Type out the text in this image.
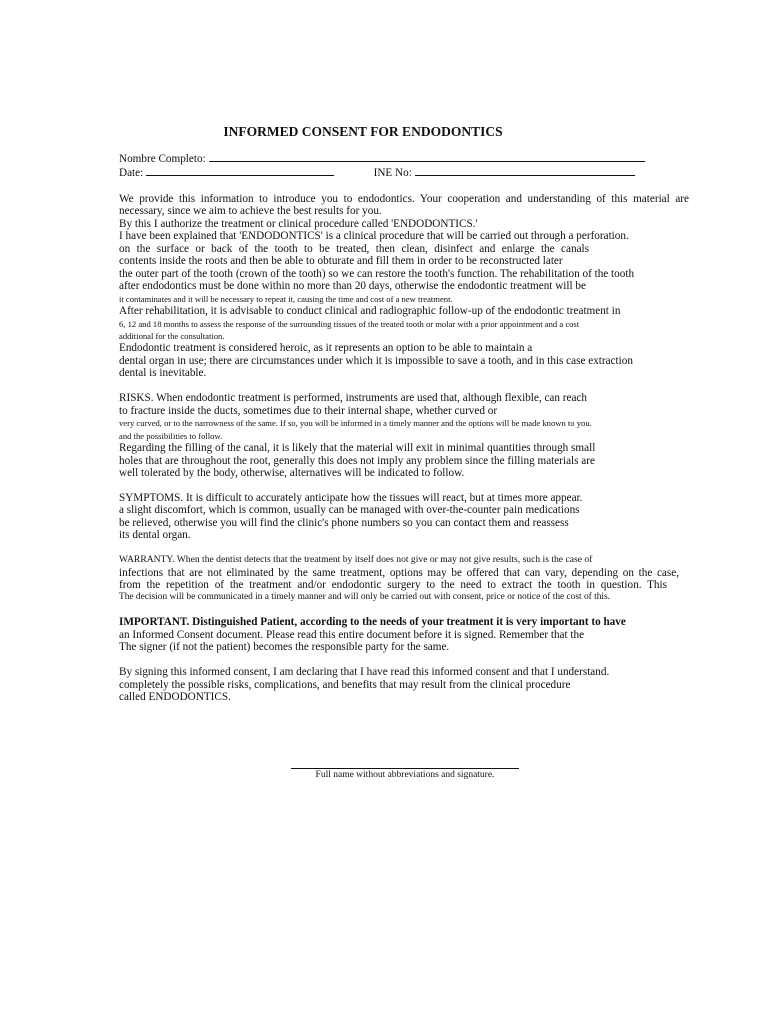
INFORMED CONSENT FOR ENDODONTICS
Nombre Completo:
Date:	INE No:
We provide this information to introduce you to endodontics. Your cooperation and understanding of this material are
necessary, since we aim to achieve the best results for you.
By this I authorize the treatment or clinical procedure called 'ENDODONTICS.'
I have been explained that 'ENDODONTICS' is a clinical procedure that will be carried out through a perforation.
on the surface or back of the tooth to be treated, then clean, disinfect and enlarge the canals
contents inside the roots and then be able to obturate and fill them in order to be reconstructed later
the outer part of the tooth (crown of the tooth) so we can restore the tooth's function. The rehabilitation of the tooth
after endodontics must be done within no more than 20 days, otherwise the endodontic treatment will be
it contaminates and it will be necessary to repeat it, causing the time and cost of a new treatment.
After rehabilitation, it is advisable to conduct clinical and radiographic follow-up of the endodontic treatment in
6, 12 and 18 months to assess the response of the surrounding tissues of the treated tooth or molar with a prior appointment and a cost
additional for the consultation.
Endodontic treatment is considered heroic, as it represents an option to be able to maintain a
dental organ in use; there are circumstances under which it is impossible to save a tooth, and in this case extraction
dental is inevitable.
RISKS. When endodontic treatment is performed, instruments are used that, although flexible, can reach
to fracture inside the ducts, sometimes due to their internal shape, whether curved or
very curved, or to the narrowness of the same. If so, you will be informed in a timely manner and the options will be made known to you.
and the possibilities to follow.
Regarding the filling of the canal, it is likely that the material will exit in minimal quantities through small
holes that are throughout the root, generally this does not imply any problem since the filling materials are
well tolerated by the body, otherwise, alternatives will be indicated to follow.
SYMPTOMS. It is difficult to accurately anticipate how the tissues will react, but at times more appear.
a slight discomfort, which is common, usually can be managed with over-the-counter pain medications
be relieved, otherwise you will find the clinic's phone numbers so you can contact them and reassess
its dental organ.
WARRANTY. When the dentist detects that the treatment by itself does not give or may not give results, such is the case of
infections that are not eliminated by the same treatment, options may be offered that can vary, depending on the case,
from the repetition of the treatment and/or endodontic surgery to the need to extract the tooth in question. This
The decision will be communicated in a timely manner and will only be carried out with consent, price or notice of the cost of this.
IMPORTANT. Distinguished Patient, according to the needs of your treatment it is very important to have
an Informed Consent document. Please read this entire document before it is signed. Remember that the
The signer (if not the patient) becomes the responsible party for the same.
By signing this informed consent, I am declaring that I have read this informed consent and that I understand.
completely the possible risks, complications, and benefits that may result from the clinical procedure
called ENDODONTICS.
Full name without abbreviations and signature.
